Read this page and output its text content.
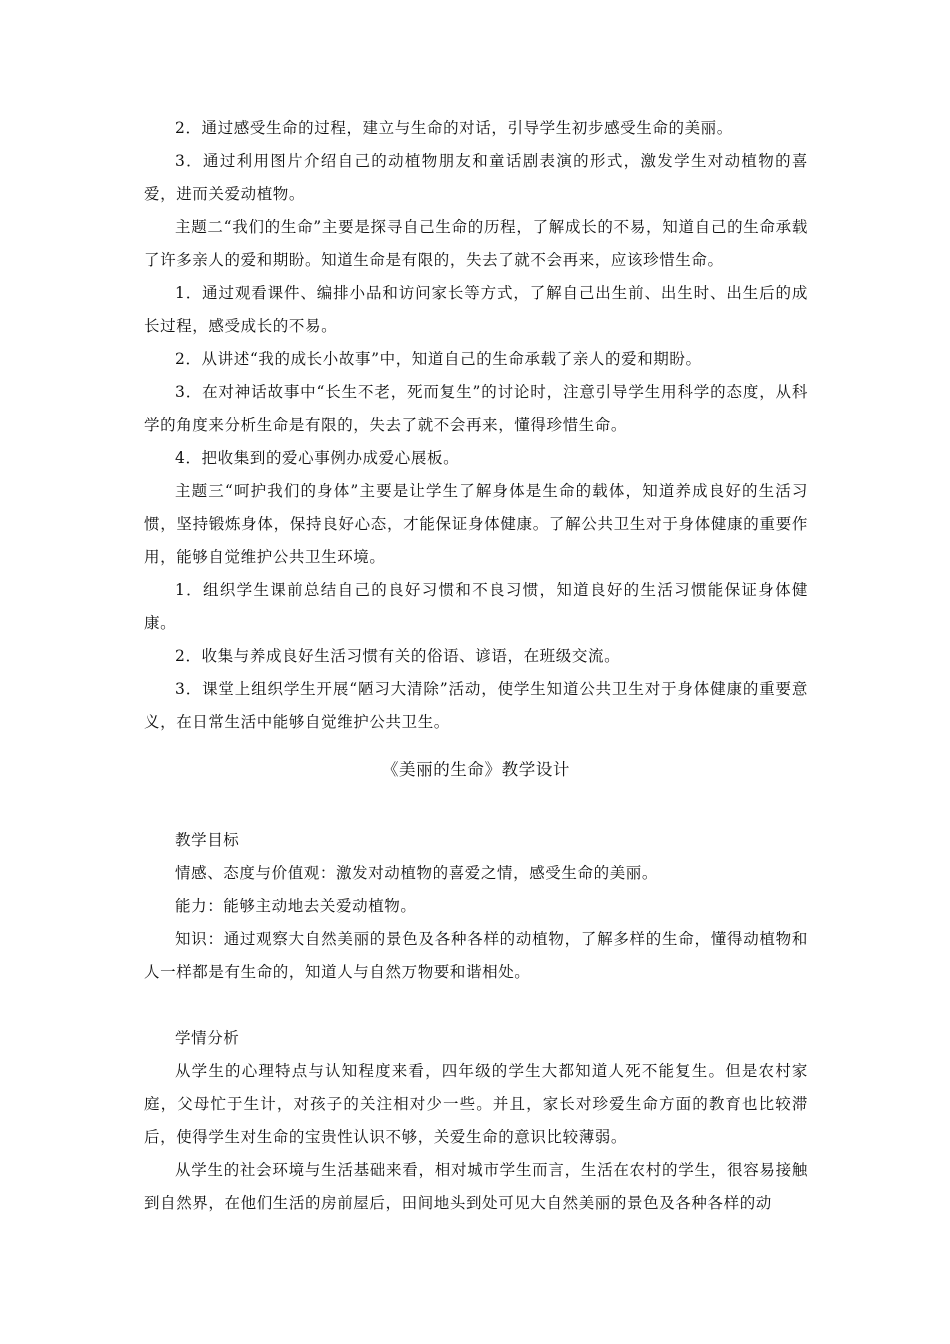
2．通过感受生命的过程，建立与生命的对话，引导学生初步感受生命的美丽。

3．通过利用图片介绍自己的动植物朋友和童话剧表演的形式，激发学生对动植物的喜爱，进而关爱动植物。

主题二“我们的生命”主要是探寻自己生命的历程，了解成长的不易，知道自己的生命承载了许多亲人的爱和期盼。知道生命是有限的，失去了就不会再来，应该珍惜生命。

1．通过观看课件、编排小品和访问家长等方式，了解自己出生前、出生时、出生后的成长过程，感受成长的不易。

2．从讲述“我的成长小故事”中，知道自己的生命承载了亲人的爱和期盼。

3．在对神话故事中“长生不老，死而复生”的讨论时，注意引导学生用科学的态度，从科学的角度来分析生命是有限的，失去了就不会再来，懂得珍惜生命。

4．把收集到的爱心事例办成爱心展板。

主题三“呵护我们的身体”主要是让学生了解身体是生命的载体，知道养成良好的生活习惯，坚持锻炼身体，保持良好心态，才能保证身体健康。了解公共卫生对于身体健康的重要作用，能够自觉维护公共卫生环境。

1．组织学生课前总结自己的良好习惯和不良习惯，知道良好的生活习惯能保证身体健康。

2．收集与养成良好生活习惯有关的俗语、谚语，在班级交流。

3．课堂上组织学生开展“陋习大清除”活动，使学生知道公共卫生对于身体健康的重要意义，在日常生活中能够自觉维护公共卫生。

《美丽的生命》教学设计

教学目标

情感、态度与价值观：激发对动植物的喜爱之情，感受生命的美丽。

能力：能够主动地去关爱动植物。

知识：通过观察大自然美丽的景色及各种各样的动植物，了解多样的生命，懂得动植物和人一样都是有生命的，知道人与自然万物要和谐相处。

学情分析

从学生的心理特点与认知程度来看，四年级的学生大都知道人死不能复生。但是农村家庭，父母忙于生计，对孩子的关注相对少一些。并且，家长对珍爱生命方面的教育也比较滞后，使得学生对生命的宝贵性认识不够，关爱生命的意识比较薄弱。

从学生的社会环境与生活基础来看，相对城市学生而言，生活在农村的学生，很容易接触到自然界，在他们生活的房前屋后，田间地头到处可见大自然美丽的景色及各种各样的动
